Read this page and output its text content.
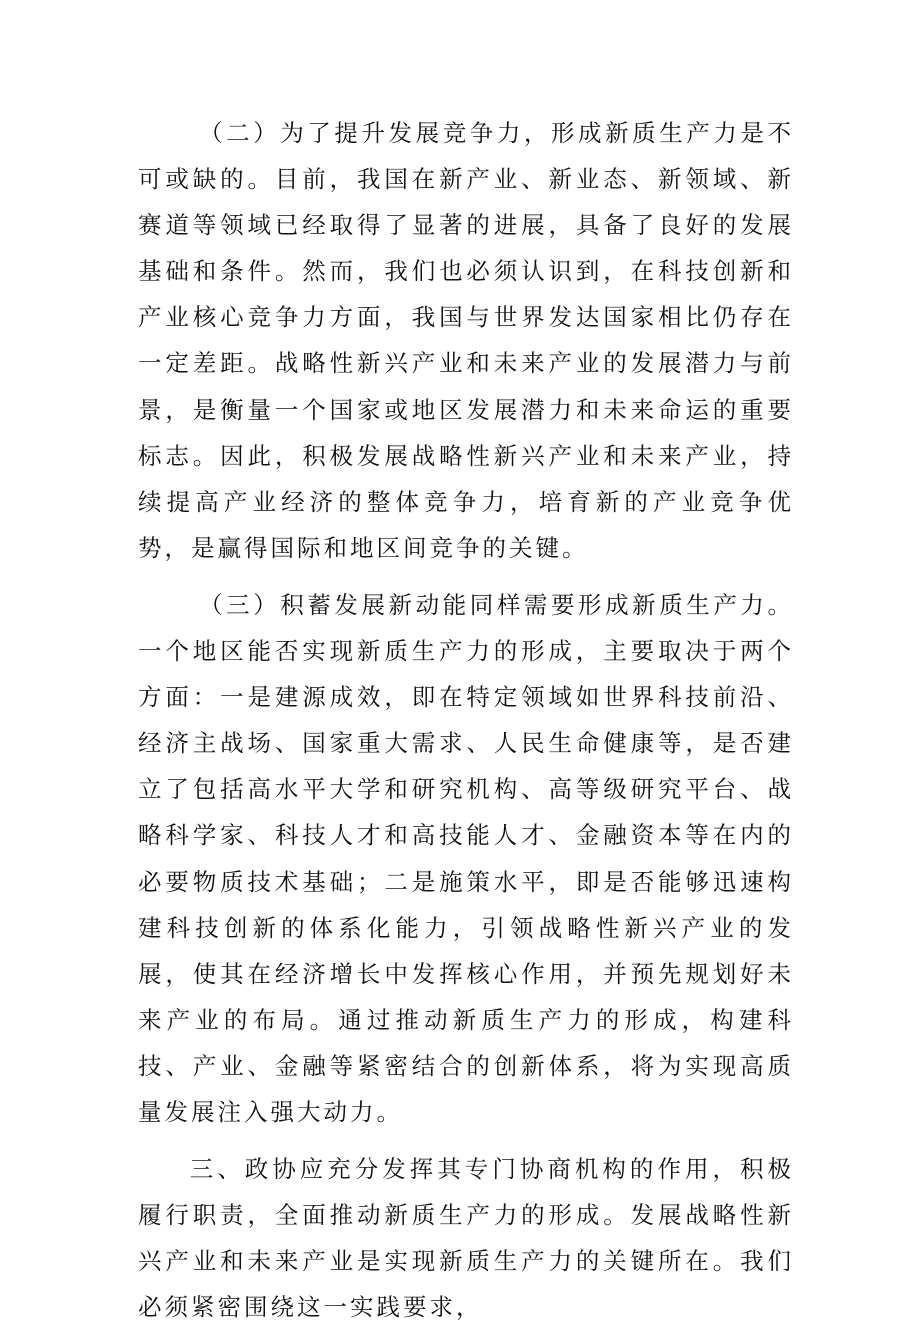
（二）为了提升发展竞争力，形成新质生产力是不可或缺的。目前，我国在新产业、新业态、新领域、新赛道等领域已经取得了显著的进展，具备了良好的发展基础和条件。然而，我们也必须认识到，在科技创新和产业核心竞争力方面，我国与世界发达国家相比仍存在一定差距。战略性新兴产业和未来产业的发展潜力与前景，是衡量一个国家或地区发展潜力和未来命运的重要标志。因此，积极发展战略性新兴产业和未来产业，持续提高产业经济的整体竞争力，培育新的产业竞争优势，是赢得国际和地区间竞争的关键。

（三）积蓄发展新动能同样需要形成新质生产力。一个地区能否实现新质生产力的形成，主要取决于两个方面：一是建源成效，即在特定领域如世界科技前沿、经济主战场、国家重大需求、人民生命健康等，是否建立了包括高水平大学和研究机构、高等级研究平台、战略科学家、科技人才和高技能人才、金融资本等在内的必要物质技术基础；二是施策水平，即是否能够迅速构建科技创新的体系化能力，引领战略性新兴产业的发展，使其在经济增长中发挥核心作用，并预先规划好未来产业的布局。通过推动新质生产力的形成，构建科技、产业、金融等紧密结合的创新体系，将为实现高质量发展注入强大动力。

三、政协应充分发挥其专门协商机构的作用，积极履行职责，全面推动新质生产力的形成。发展战略性新兴产业和未来产业是实现新质生产力的关键所在。我们必须紧密围绕这一实践要求，
